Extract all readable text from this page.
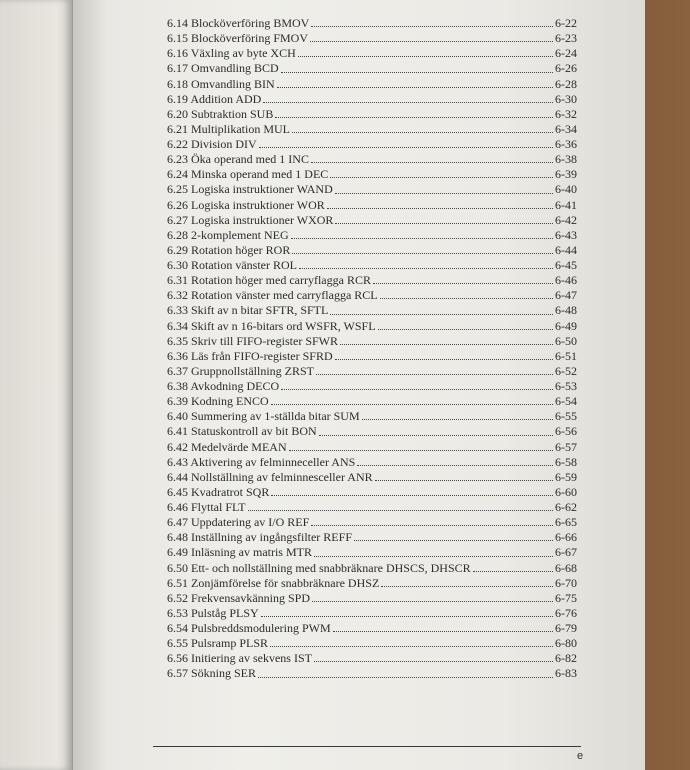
6.14 Blocköverföring BMOV	6-22
6.15 Blocköverföring FMOV	6-23
6.16 Växling av byte XCH	6-24
6.17 Omvandling BCD	6-26
6.18 Omvandling BIN	6-28
6.19 Addition ADD	6-30
6.20 Subtraktion SUB	6-32
6.21 Multiplikation MUL	6-34
6.22 Division DIV	6-36
6.23 Öka operand med 1 INC	6-38
6.24 Minska operand med 1 DEC	6-39
6.25 Logiska instruktioner WAND	6-40
6.26 Logiska instruktioner WOR	6-41
6.27 Logiska instruktioner WXOR	6-42
6.28 2-komplement NEG	6-43
6.29 Rotation höger ROR	6-44
6.30 Rotation vänster ROL	6-45
6.31 Rotation höger med carryflagga RCR	6-46
6.32 Rotation vänster med carryflagga RCL	6-47
6.33 Skift av n bitar SFTR, SFTL	6-48
6.34 Skift av n 16-bitars ord WSFR, WSFL	6-49
6.35 Skriv till FIFO-register SFWR	6-50
6.36 Läs från FIFO-register SFRD	6-51
6.37 Gruppnollställning ZRST	6-52
6.38 Avkodning DECO	6-53
6.39 Kodning ENCO	6-54
6.40 Summering av 1-ställda bitar SUM	6-55
6.41 Statuskontroll av bit BON	6-56
6.42 Medelvärde MEAN	6-57
6.43 Aktivering av felminneceller ANS	6-58
6.44 Nollställning av felminnesceller ANR	6-59
6.45 Kvadratrot SQR	6-60
6.46 Flyttal FLT	6-62
6.47 Uppdatering av I/O REF	6-65
6.48 Inställning av ingångsfilter REFF	6-66
6.49 Inläsning av matris MTR	6-67
6.50 Ett- och nollställning med snabbräknare DHSCS, DHSCR	6-68
6.51 Zonjämförelse för snabbräknare DHSZ	6-70
6.52 Frekvensavkänning SPD	6-75
6.53 Pulståg PLSY	6-76
6.54 Pulsbreddsmodulering PWM	6-79
6.55 Pulsramp PLSR	6-80
6.56 Initiering av sekvens IST	6-82
6.57 Sökning SER	6-83
e
